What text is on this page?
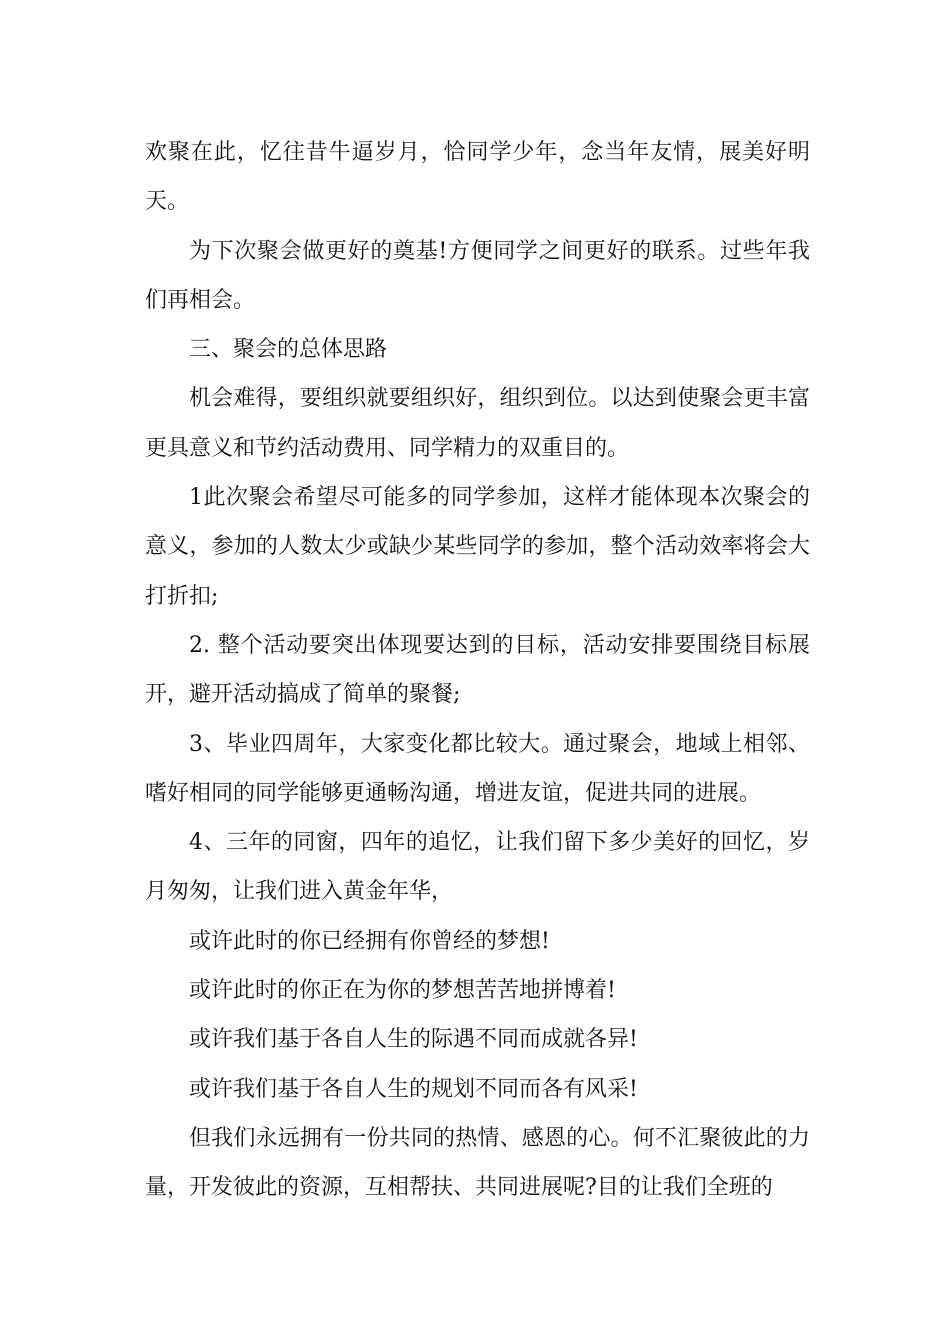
欢聚在此，忆往昔牛逼岁月，恰同学少年，念当年友情，展美好明天。

为下次聚会做更好的奠基!方便同学之间更好的联系。过些年我们再相会。

三、聚会的总体思路

机会难得，要组织就要组织好，组织到位。以达到使聚会更丰富更具意义和节约活动费用、同学精力的双重目的。

1此次聚会希望尽可能多的同学参加，这样才能体现本次聚会的意义，参加的人数太少或缺少某些同学的参加，整个活动效率将会大打折扣;

2. 整个活动要突出体现要达到的目标，活动安排要围绕目标展开，避开活动搞成了简单的聚餐;

3、毕业四周年，大家变化都比较大。通过聚会，地域上相邻、嗜好相同的同学能够更通畅沟通，增进友谊，促进共同的进展。

4、三年的同窗，四年的追忆，让我们留下多少美好的回忆，岁月匆匆，让我们进入黄金年华，

或许此时的你已经拥有你曾经的梦想!

或许此时的你正在为你的梦想苦苦地拼博着!

或许我们基于各自人生的际遇不同而成就各异!

或许我们基于各自人生的规划不同而各有风采!

但我们永远拥有一份共同的热情、感恩的心。何不汇聚彼此的力量，开发彼此的资源，互相帮扶、共同进展呢?目的让我们全班的
